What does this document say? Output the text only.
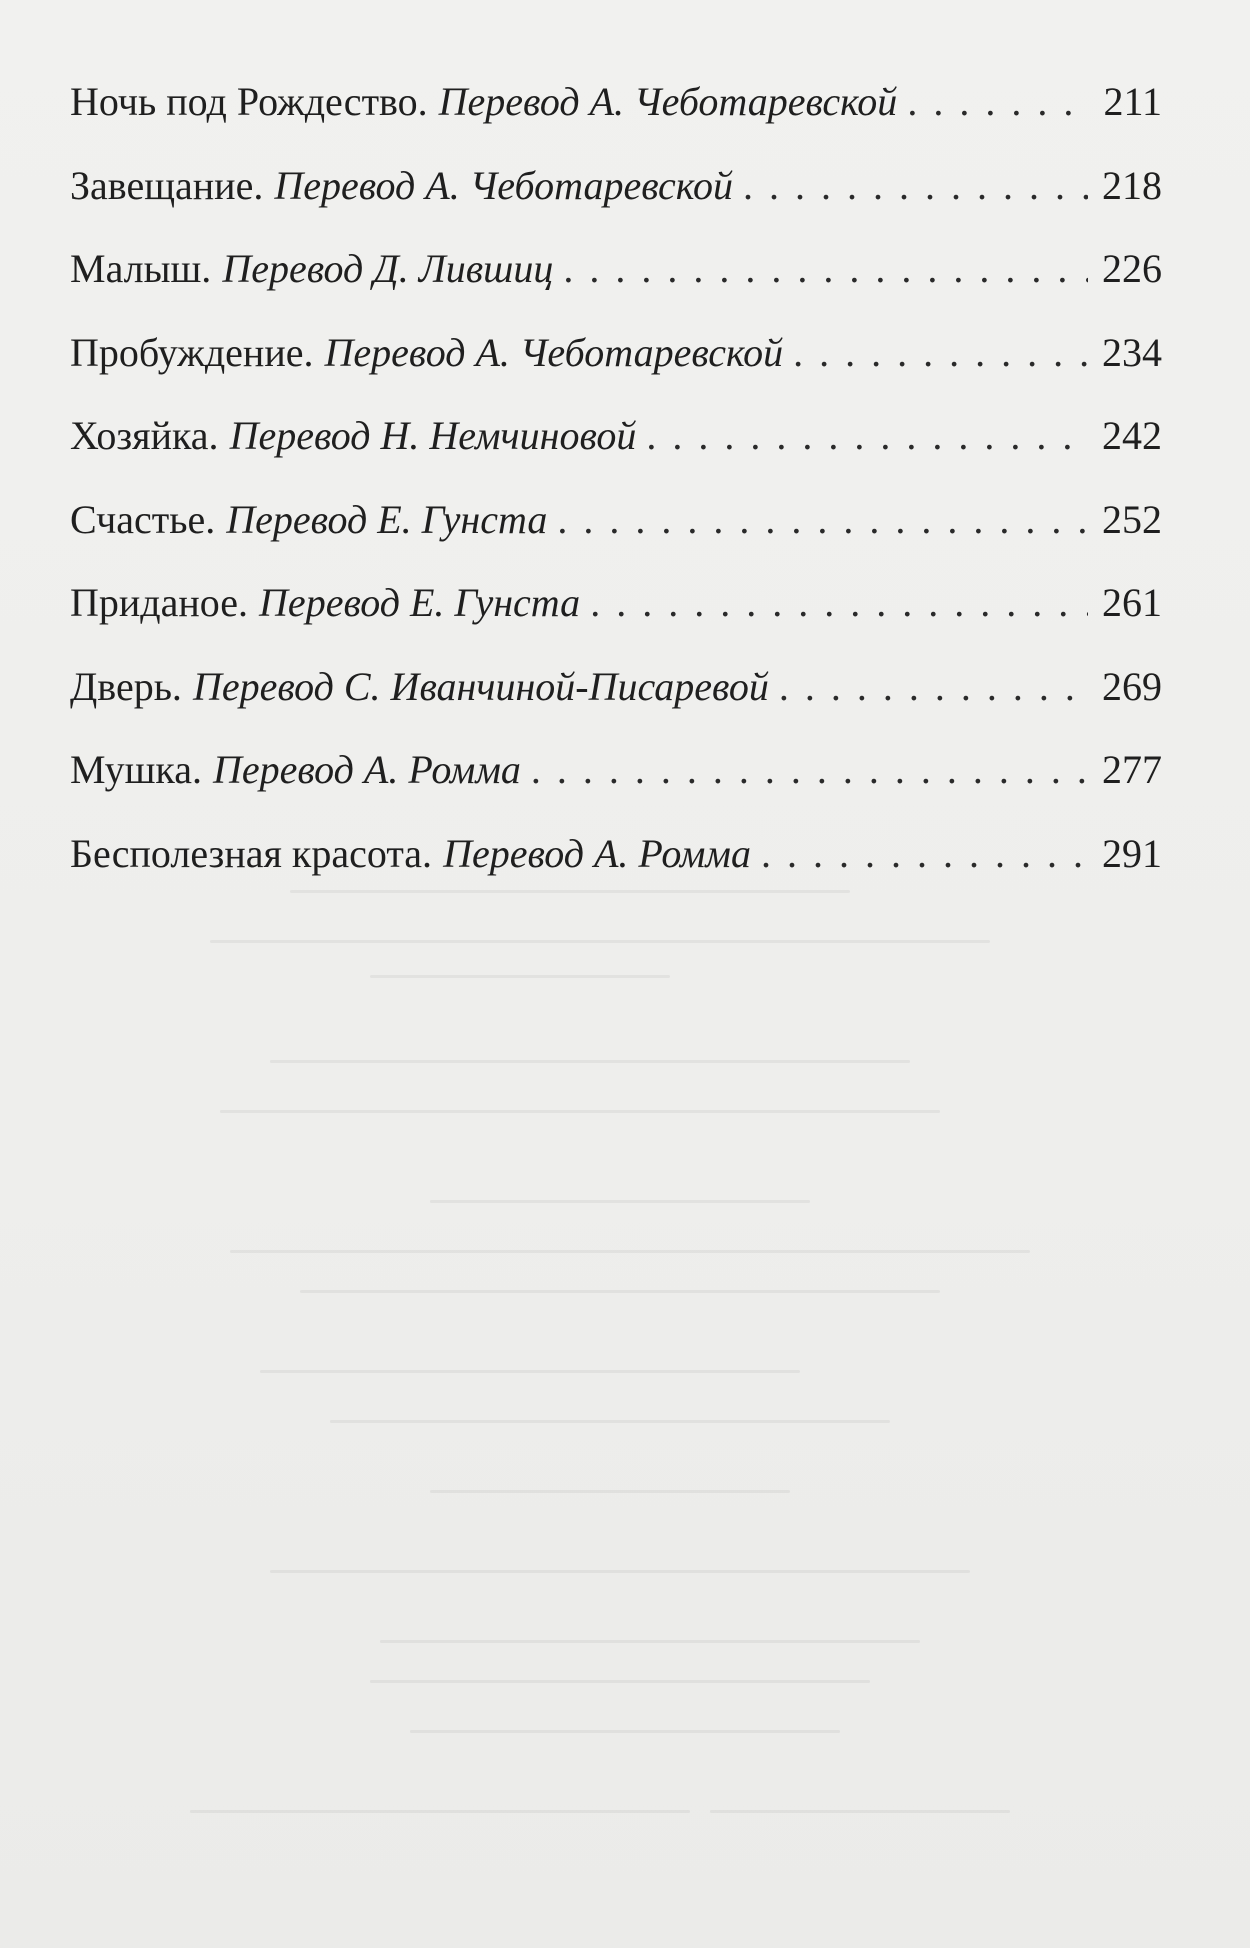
Ночь под Рождество. Перевод А. Чеботаревской . . .	211
Завещание. Перевод А. Чеботаревской . . .	218
Малыш. Перевод Д. Лившиц . . .	226
Пробуждение. Перевод А. Чеботаревской . . .	234
Хозяйка. Перевод Н. Немчиновой . . .	242
Счастье. Перевод Е. Гунста . . .	252
Приданое. Перевод Е. Гунста . . .	261
Дверь. Перевод С. Иванчиной-Писаревой . . .	269
Мушка. Перевод А. Ромма . . .	277
Бесполезная красота. Перевод А. Ромма . . .	291
